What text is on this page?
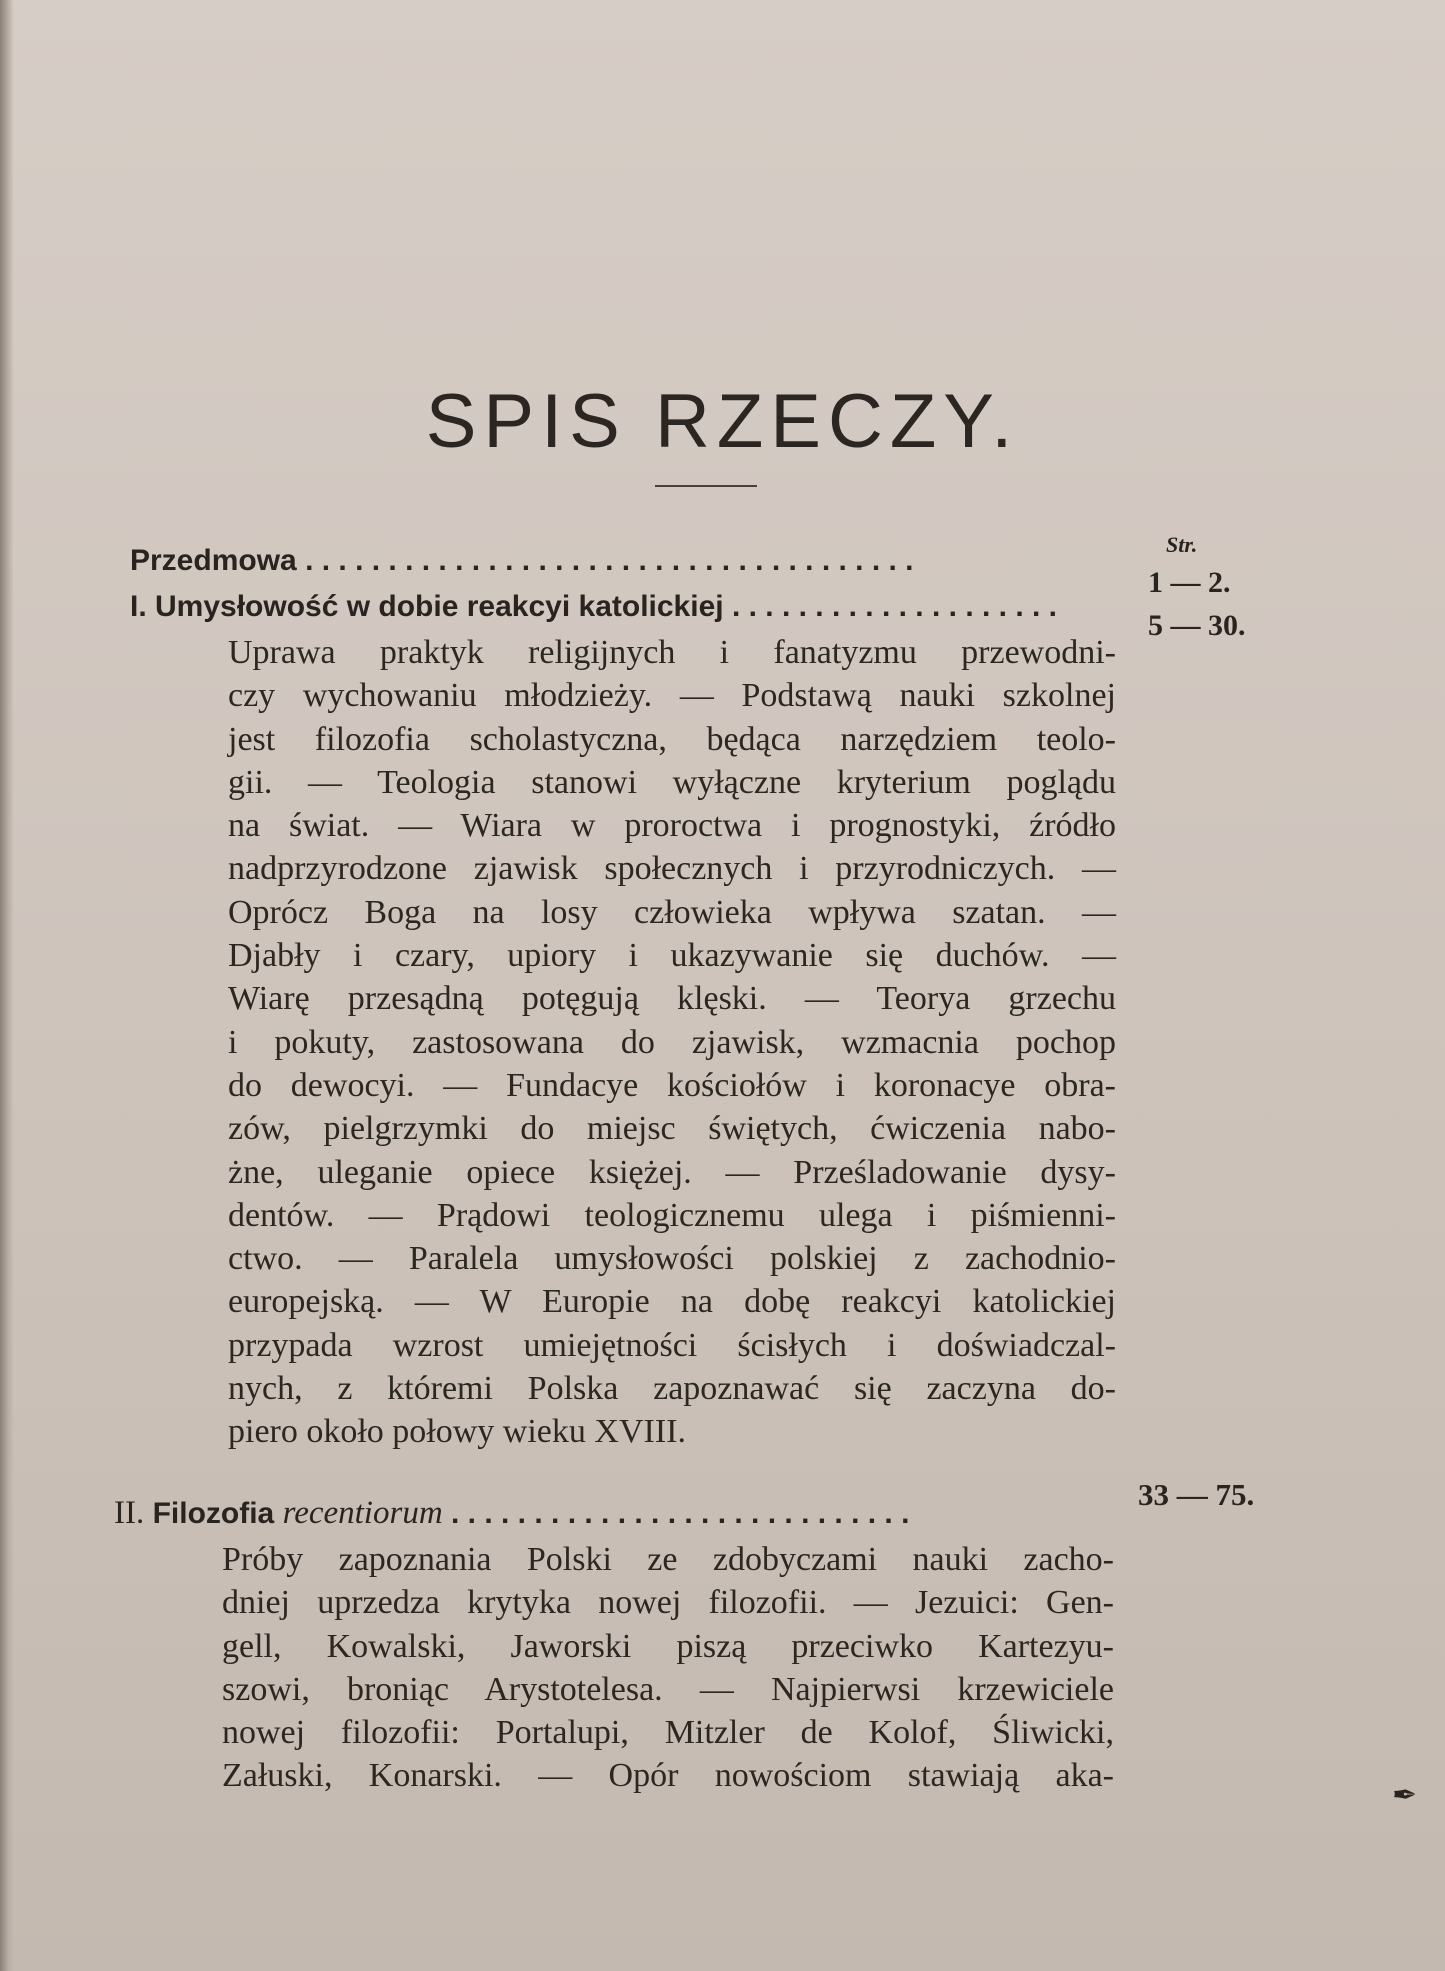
SPIS RZECZY.
Str.
Przedmowa . . . . . . . . . . . . . . . . . . . . . . . . . . . . . . . . . . . . .
1 — 2.
I. Umysłowość w dobie reakcyi katolickiej . . . . . . . . . . . . . . . . . . . .
5 — 30.
Uprawa praktyk religijnych i fanatyzmu przewodni-
czy wychowaniu młodzieży. — Podstawą nauki szkolnej
jest filozofia scholastyczna, będąca narzędziem teolo-
gii. — Teologia stanowi wyłączne kryterium poglądu
na świat. — Wiara w proroctwa i prognostyki, źródło
nadprzyrodzone zjawisk społecznych i przyrodniczych. —
Oprócz Boga na losy człowieka wpływa szatan. —
Djabły i czary, upiory i ukazywanie się duchów. —
Wiarę przesądną potęgują klęski. — Teorya grzechu
i pokuty, zastosowana do zjawisk, wzmacnia pochop
do dewocyi. — Fundacye kościołów i koronacye obra-
zów, pielgrzymki do miejsc świętych, ćwiczenia nabo-
żne, uleganie opiece księżej. — Prześladowanie dysy-
dentów. — Prądowi teologicznemu ulega i piśmienni-
ctwo. — Paralela umysłowości polskiej z zachodnio-
europejską. — W Europie na dobę reakcyi katolickiej
przypada wzrost umiejętności ścisłych i doświadczal-
nych, z któremi Polska zapoznawać się zaczyna do-
piero około połowy wieku XVIII.
II. Filozofia recentiorum . . . . . . . . . . . . . . . . . . . . . . . . . . . .
33 — 75.
Próby zapoznania Polski ze zdobyczami nauki zacho-
dniej uprzedza krytyka nowej filozofii. — Jezuici: Gen-
gell, Kowalski, Jaworski piszą przeciwko Kartezyu-
szowi, broniąc Arystotelesa. — Najpierwsi krzewiciele
nowej filozofii: Portalupi, Mitzler de Kolof, Śliwicki,
Załuski, Konarski. — Opór nowościom stawiają aka-
✒
